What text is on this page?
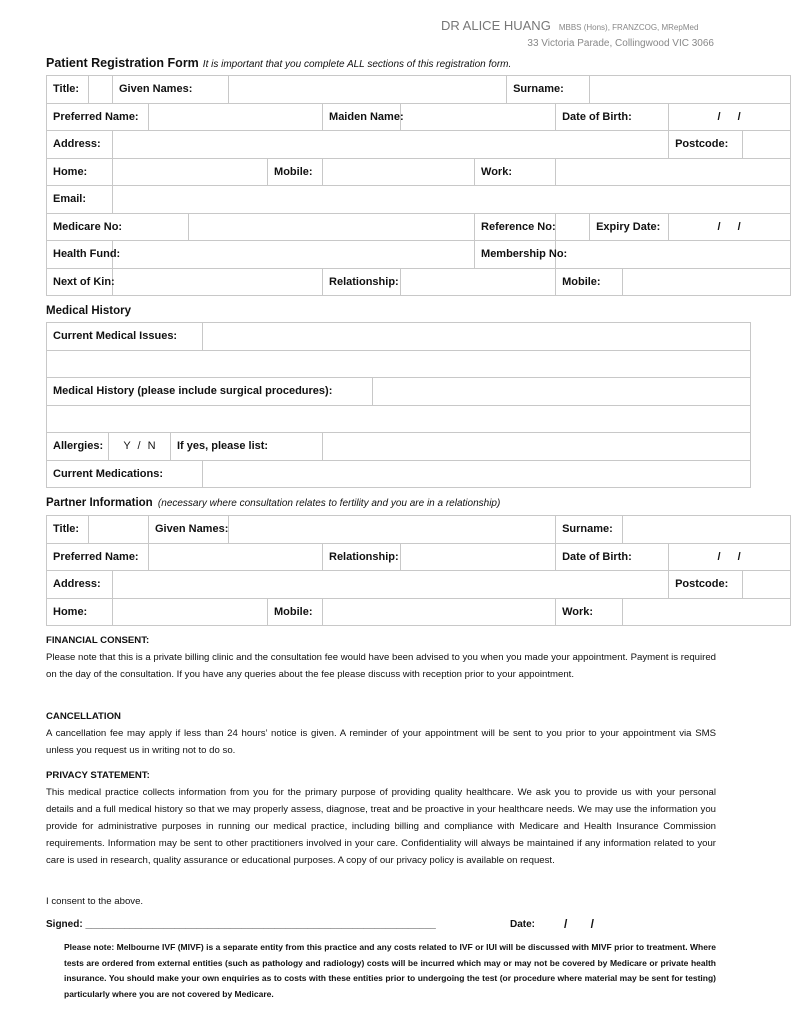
DR ALICE HUANG MBBS (Hons), FRANZCOG, MRepMed
33 Victoria Parade, Collingwood VIC 3066
Patient Registration Form It is important that you complete ALL sections of this registration form.
Title:		Given Names:								Surname:					
Preferred Name:							Maiden Name:				Date of Birth:			/ /	
Address:														Postcode:	
Home:						Mobile:			Work:						
Email:															
Medicare No:									Reference No:			Expiry Date:		/ /	
Health Fund:									Membership No:						
Next of Kin:							Relationship:				Mobile:				
Medical History
Current Medical Issues:					

Medical History (please include surgical procedures):					

Allergies:	Y / N	If yes, please list:			
Current Medications:					
Partner Information (necessary where consultation relates to fertility and you are in a relationship)
Title:			Given Names:					Surname:			
Preferred Name:						Relationship:		Date of Birth:		/ /	
Address:										Postcode:	
Home:					Mobile:			Work:			
FINANCIAL CONSENT:
Please note that this is a private billing clinic and the consultation fee would have been advised to you when you made your appointment. Payment is required on the day of the consultation. If you have any queries about the fee please discuss with reception prior to your appointment.
CANCELLATION
A cancellation fee may apply if less than 24 hours’ notice is given. A reminder of your appointment will be sent to you prior to your appointment via SMS unless you request us in writing not to do so.
PRIVACY STATEMENT:
This medical practice collects information from you for the primary purpose of providing quality healthcare. We ask you to provide us with your personal details and a full medical history so that we may properly assess, diagnose, treat and be proactive in your healthcare needs. We may use the information you provide for administrative purposes in running our medical practice, including billing and compliance with Medicare and Health Insurance Commission requirements. Information may be sent to other practitioners involved in your care. Confidentiality will always be maintained if any information related to your care is used in research, quality assurance or educational purposes. A copy of our privacy policy is available on request.
I consent to the above.
Signed: _______________________________________________________________	Date: / /
Please note: Melbourne IVF (MIVF) is a separate entity from this practice and any costs related to IVF or IUI will be discussed with MIVF prior to treatment. Where tests are ordered from external entities (such as pathology and radiology) costs will be incurred which may or may not be covered by Medicare or private health insurance. You should make your own enquiries as to costs with these entities prior to undergoing the test (or procedure where material may be sent for testing) particularly where you are not covered by Medicare.
